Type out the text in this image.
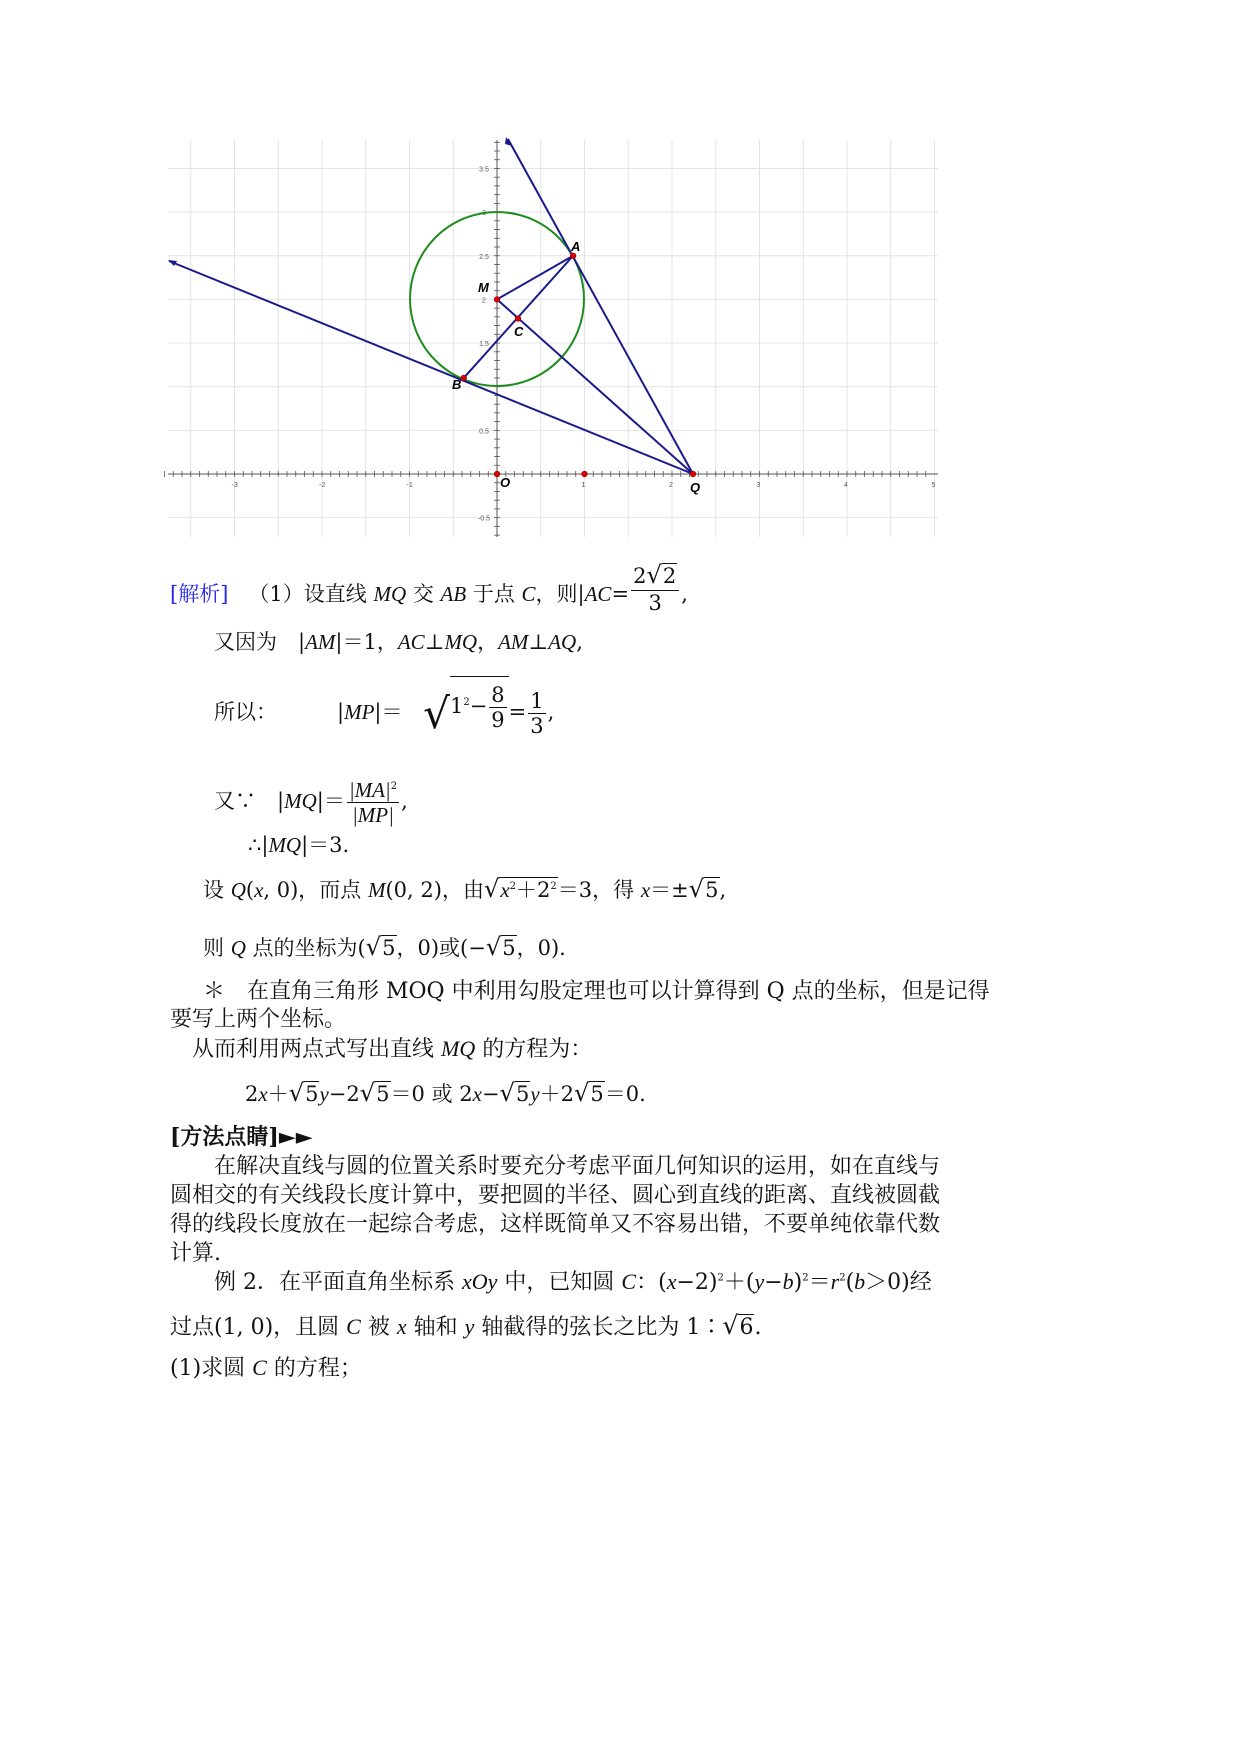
-3	-2	-1	1	2	3	4	5
3.5
3
2.5
2
1.5
0.5
-0.5
A
M
C
B
O	Q
[解析] （1）设直线 MQ 交 AB 于点 C，则$|AC= \frac{2√2}{3}$ ,
又因为　|AM|＝1，AC⊥MQ，AM⊥AQ,
所以：	$|MP|= √1^2- \frac{8}{9} = \frac{1}{3}$ ,
又∵　$|MQ|= \frac{|MA|^2}{|MP|}$ ,
∴|MQ|＝3.
设 Q(x, 0)，而点 M(0, 2)，由$√x^2+2^2=3$，得 x＝±√5,
则 Q 点的坐标为(√5，0)或(−√5，0).
＊　在直角三角形 MOQ 中利用勾股定理也可以计算得到 Q 点的坐标，但是记得
要写上两个坐标。
从而利用两点式写出直线 MQ 的方程为：
2x＋√5y−2√5＝0 或 2x−√5y＋2√5＝0.
[方法点睛]►►
在解决直线与圆的位置关系时要充分考虑平面几何知识的运用，如在直线与圆相交的有关线段长度计算中，要把圆的半径、圆心到直线的距离、直线被圆截得的线段长度放在一起综合考虑，这样既简单又不容易出错，不要单纯依靠代数计算.
例 2．在平面直角坐标系 xOy 中，已知圆 C：$(x-2)^2+(y-b)^2=r^2(b>0)$经
过点(1, 0)，且圆 C 被 x 轴和 y 轴截得的弦长之比为 1∶√6.
(1)求圆 C 的方程；
